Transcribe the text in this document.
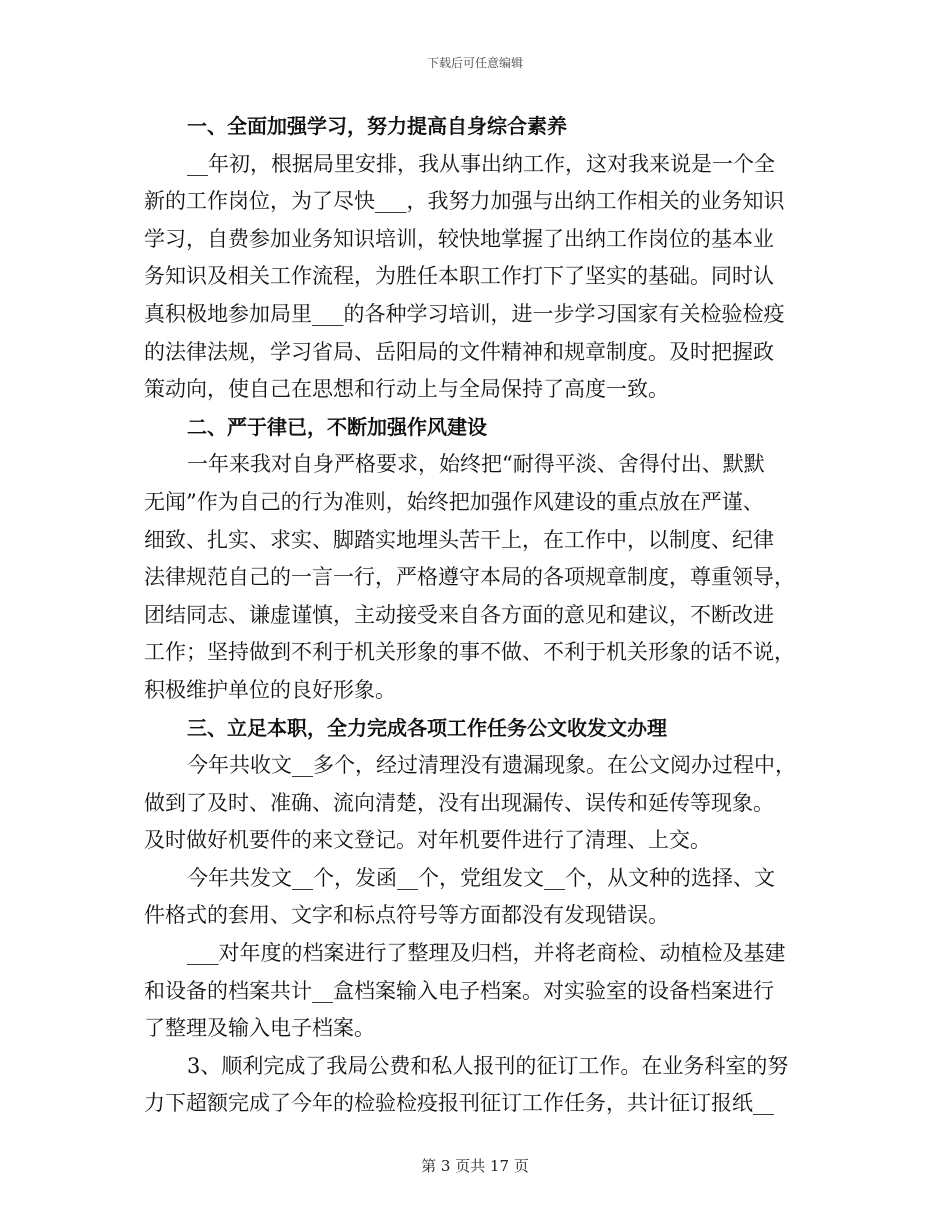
下载后可任意编辑
一、全面加强学习，努力提高自身综合素养
__年初，根据局里安排，我从事出纳工作，这对我来说是一个全
新的工作岗位，为了尽快___，我努力加强与出纳工作相关的业务知识
学习，自费参加业务知识培训，较快地掌握了出纳工作岗位的基本业
务知识及相关工作流程，为胜任本职工作打下了坚实的基础。同时认
真积极地参加局里___的各种学习培训，进一步学习国家有关检验检疫
的法律法规，学习省局、岳阳局的文件精神和规章制度。及时把握政
策动向，使自己在思想和行动上与全局保持了高度一致。
二、严于律已，不断加强作风建设
一年来我对自身严格要求，始终把“耐得平淡、舍得付出、默默
无闻”作为自己的行为准则，始终把加强作风建设的重点放在严谨、
细致、扎实、求实、脚踏实地埋头苦干上，在工作中，以制度、纪律
法律规范自己的一言一行，严格遵守本局的各项规章制度，尊重领导，
团结同志、谦虚谨慎，主动接受来自各方面的意见和建议，不断改进
工作；坚持做到不利于机关形象的事不做、不利于机关形象的话不说，
积极维护单位的良好形象。
三、立足本职，全力完成各项工作任务公文收发文办理
今年共收文__多个，经过清理没有遗漏现象。在公文阅办过程中，
做到了及时、准确、流向清楚，没有出现漏传、误传和延传等现象。
及时做好机要件的来文登记。对年机要件进行了清理、上交。
今年共发文__个，发函__个，党组发文__个，从文种的选择、文
件格式的套用、文字和标点符号等方面都没有发现错误。
___对年度的档案进行了整理及归档，并将老商检、动植检及基建
和设备的档案共计__盒档案输入电子档案。对实验室的设备档案进行
了整理及输入电子档案。
3、顺利完成了我局公费和私人报刊的征订工作。在业务科室的努
力下超额完成了今年的检验检疫报刊征订工作任务，共计征订报纸__
第 3 页共 17 页
